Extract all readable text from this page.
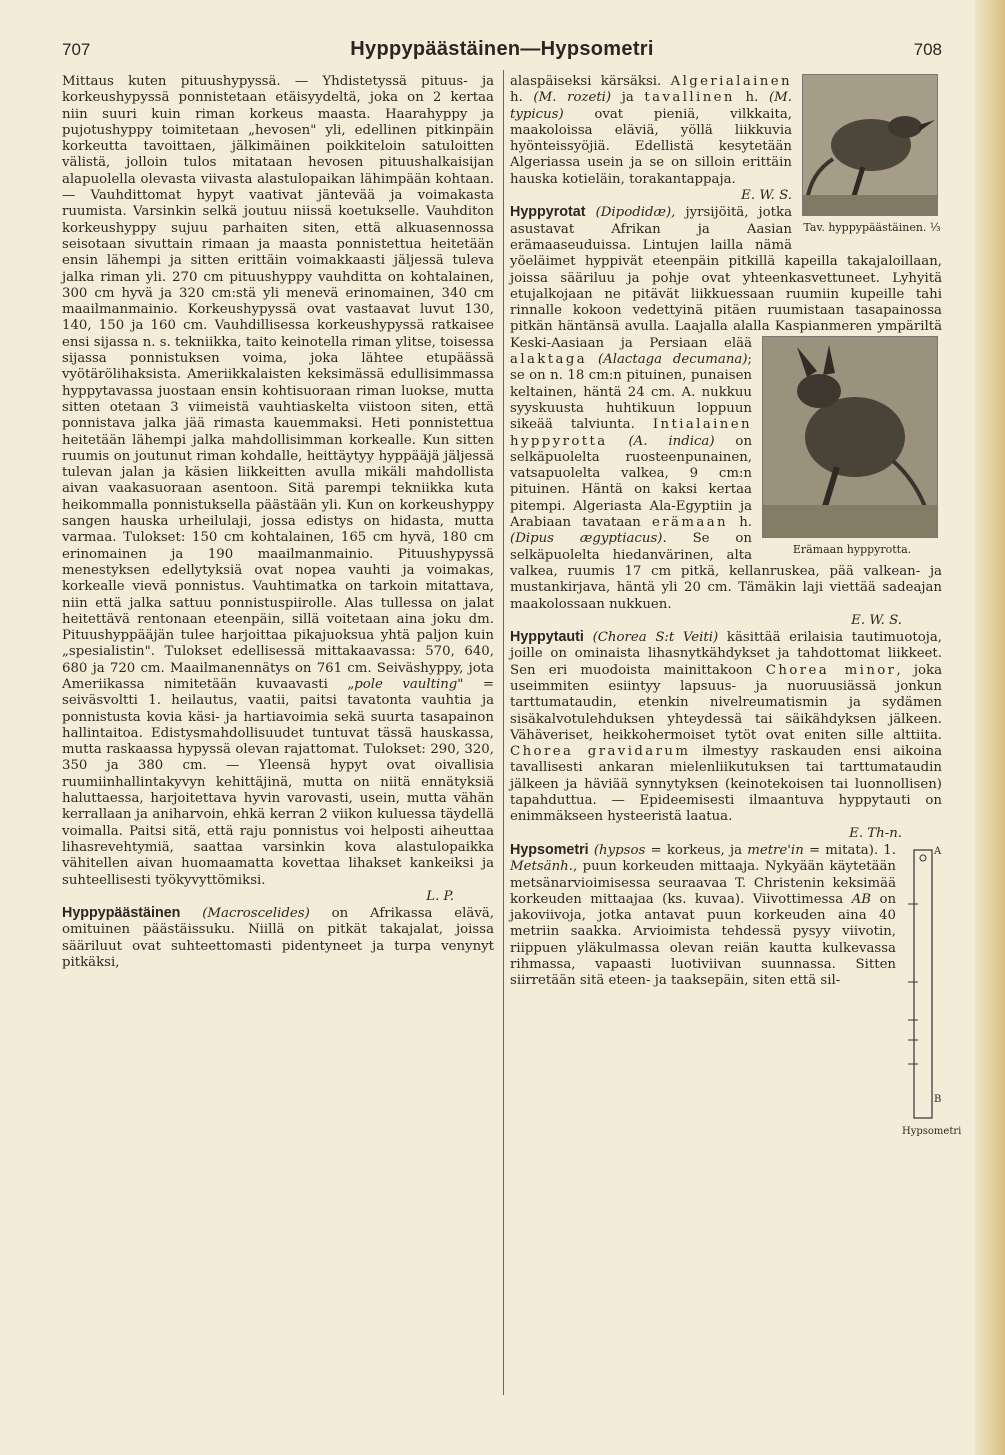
707	Hyppypäästäinen—Hypsometri	708

Mittaus kuten pituushypyssä. — Yhdistetyssä pituus- ja korkeushypyssä ponnistetaan etäisyydeltä, joka on 2 kertaa niin suuri kuin riman korkeus maasta. Haarahyppy ja pujotushyppy toimitetaan „hevosen" yli, edellinen pitkinpäin korkeutta tavoittaen, jälkimäinen poikkiteloin satuloitten välistä, jolloin tulos mitataan hevosen pituushalkaisijan alapuolella olevasta viivasta alastulopaikan lähimpään kohtaan. — Vauhdittomat hypyt vaativat jäntevää ja voimakasta ruumista. Varsinkin selkä joutuu niissä koetukselle. Vauhditon korkeushyppy sujuu parhaiten siten, että alkuasennossa seisotaan sivuttain rimaan ja maasta ponnistettua heitetään ensin lähempi ja sitten erittäin voimakkaasti jäljessä tuleva jalka riman yli. 270 cm pituushyppy vauhditta on kohtalainen, 300 cm hyvä ja 320 cm:stä yli menevä erinomainen, 340 cm maailmanmainio. Korkeushypyssä ovat vastaavat luvut 130, 140, 150 ja 160 cm. Vauhdillisessa korkeushypyssä ratkaisee ensi sijassa n. s. tekniikka, taito keinotella riman ylitse, toisessa sijassa ponnistuksen voima, joka lähtee etupäässä vyötärölihaksista. Ameriikkalaisten keksimässä edullisimmassa hyppytavassa juostaan ensin kohtisuoraan riman luokse, mutta sitten otetaan 3 viimeistä vauhtiaskelta viistoon siten, että ponnistava jalka jää rimasta kauemmaksi. Heti ponnistettua heitetään lähempi jalka mahdollisimman korkealle. Kun sitten ruumis on joutunut riman kohdalle, heittäytyy hyppääjä jäljessä tulevan jalan ja käsien liikkeitten avulla mikäli mahdollista aivan vaakasuoraan asentoon. Sitä parempi tekniikka kuta heikommalla ponnistuksella päästään yli. Kun on korkeushyppy sangen hauska urheilulaji, jossa edistys on hidasta, mutta varmaa. Tulokset: 150 cm kohtalainen, 165 cm hyvä, 180 cm erinomainen ja 190 maailmanmainio. Pituushypyssä menestyksen edellytyksiä ovat nopea vauhti ja voimakas, korkealle vievä ponnistus. Vauhtimatka on tarkoin mitattava, niin että jalka sattuu ponnistuspiirolle. Alas tullessa on jalat heitettävä rentonaan eteenpäin, sillä voitetaan aina joku dm. Pituushyppääjän tulee harjoittaa pikajuoksua yhtä paljon kuin „spesialistin". Tulokset edellisessä mittakaavassa: 570, 640, 680 ja 720 cm. Maailmanennätys on 761 cm. Seiväshyppy, jota Ameriikassa nimitetään kuvaavasti „pole vaulting" = seiväsvoltti 1. heilautus, vaatii, paitsi tavatonta vauhtia ja ponnistusta kovia käsi- ja hartiavoimia sekä suurta tasapainon hallintaitoa. Edistysmahdollisuudet tuntuvat tässä hauskassa, mutta raskaassa hypyssä olevan rajattomat. Tulokset: 290, 320, 350 ja 380 cm. — Yleensä hypyt ovat oivallisia ruumiinhallintakyvyn kehittäjinä, mutta on niitä ennätyksiä haluttaessa, harjoitettava hyvin varovasti, usein, mutta vähän kerrallaan ja aniharvoin, ehkä kerran 2 viikon kuluessa täydellä voimalla. Paitsi sitä, että raju ponnistus voi helposti aiheuttaa lihasrevehtymiä, saattaa varsinkin kova alastulopaikka vähitellen aivan huomaamatta kovettaa lihakset kankeiksi ja suhteellisesti työkyvyttömiksi.

L. P.

Hyppypäästäinen (Macroscelides) on Afrikassa elävä, omituinen päästäissuku. Niillä on pitkät takajalat, joissa sääriluut ovat suhteettomasti pidentyneet ja turpa venynyt pitkäksi,

Tav. hyppypäästäinen. ⅓

alaspäiseksi kärsäksi. Algerialainen h. (M. rozeti) ja tavallinen h. (M. typicus) ovat pieniä, vilkkaita, maakoloissa eläviä, yöllä liikkuvia hyönteissyöjiä. Edellistä kesytetään Algeriassa usein ja se on silloin erittäin hauska kotieläin, torakantappaja.

E. W. S.

Hyppyrotat (Dipodidæ), jyrsijöitä, jotka asustavat Afrikan ja Aasian erämaaseuduissa. Lintujen lailla nämä yöeläimet hyppivät eteenpäin pitkillä kapeilla takajaloillaan, joissa sääriluu ja pohje ovat yhteenkasvettuneet. Lyhyitä etujalkojaan ne pitävät liikkuessaan ruumiin kupeille tahi rinnalle kokoon vedettyinä pitäen ruumistaan tasapainossa pitkän häntänsä avulla. Laajalla alalla Kaspianmeren ympäriltä Keski-Aasiaan ja Persiaan elää
Erämaan hyppyrotta.
alaktaga (Alactaga decumana); se on n. 18 cm:n pituinen, punaisen keltainen, häntä 24 cm. A. nukkuu syyskuusta huhtikuun loppuun sikeää talviunta. Intialainen hyppyrotta (A. indica) on selkäpuolelta ruosteenpunainen, vatsapuolelta valkea, 9 cm:n pituinen. Häntä on kaksi kertaa pitempi. Algeriasta Ala-Egyptiin ja Arabiaan tavataan erämaan h. (Dipus ægyptiacus). Se on selkäpuolelta hiedanvärinen, alta valkea, ruumis 17 cm pitkä, kellanruskea, pää valkean- ja mustankirjava, häntä yli 20 cm. Tämäkin laji viettää sadeajan maakolossaan nukkuen.

E. W. S.

Hyppytauti (Chorea S:t Veiti) käsittää erilaisia tautimuotoja, joille on ominaista lihasnytkähdykset ja tahdottomat liikkeet. Sen eri muodoista mainittakoon Chorea minor, joka useimmiten esiintyy lapsuus- ja nuoruusiässä jonkun tarttumataudin, etenkin nivelreumatismin ja sydämen sisäkalvotulehduksen yhteydessä tai säikähdyksen jälkeen. Vähäveriset, heikkohermoiset tytöt ovat eniten sille alttiita. Chorea gravidarum ilmestyy raskauden ensi aikoina tavallisesti ankaran mielenliikutuksen tai tarttumataudin jälkeen ja häviää synnytyksen (keinotekoisen tai luonnollisen) tapahduttua. — Epideemisesti ilmaantuva hyppytauti on enimmäkseen hysteeristä laatua.

E. Th-n.

A
B
Hypsometri
Hypsometri (hypsos = korkeus, ja metre'in = mitata). 1. Metsänh., puun korkeuden mittaaja. Nykyään käytetään metsänarvioimisessa seuraavaa T. Christenin keksimää korkeuden mittaajaa (ks. kuvaa). Viivottimessa AB on jakoviivoja, jotka antavat puun korkeuden aina 40 metriin saakka. Arvioimista tehdessä pysyy viivotin, riippuen yläkulmassa olevan reiän kautta kulkevassa rihmassa, vapaasti luotiviivan suunnassa. Sitten siirretään sitä eteen- ja taaksepäin, siten että sil-
